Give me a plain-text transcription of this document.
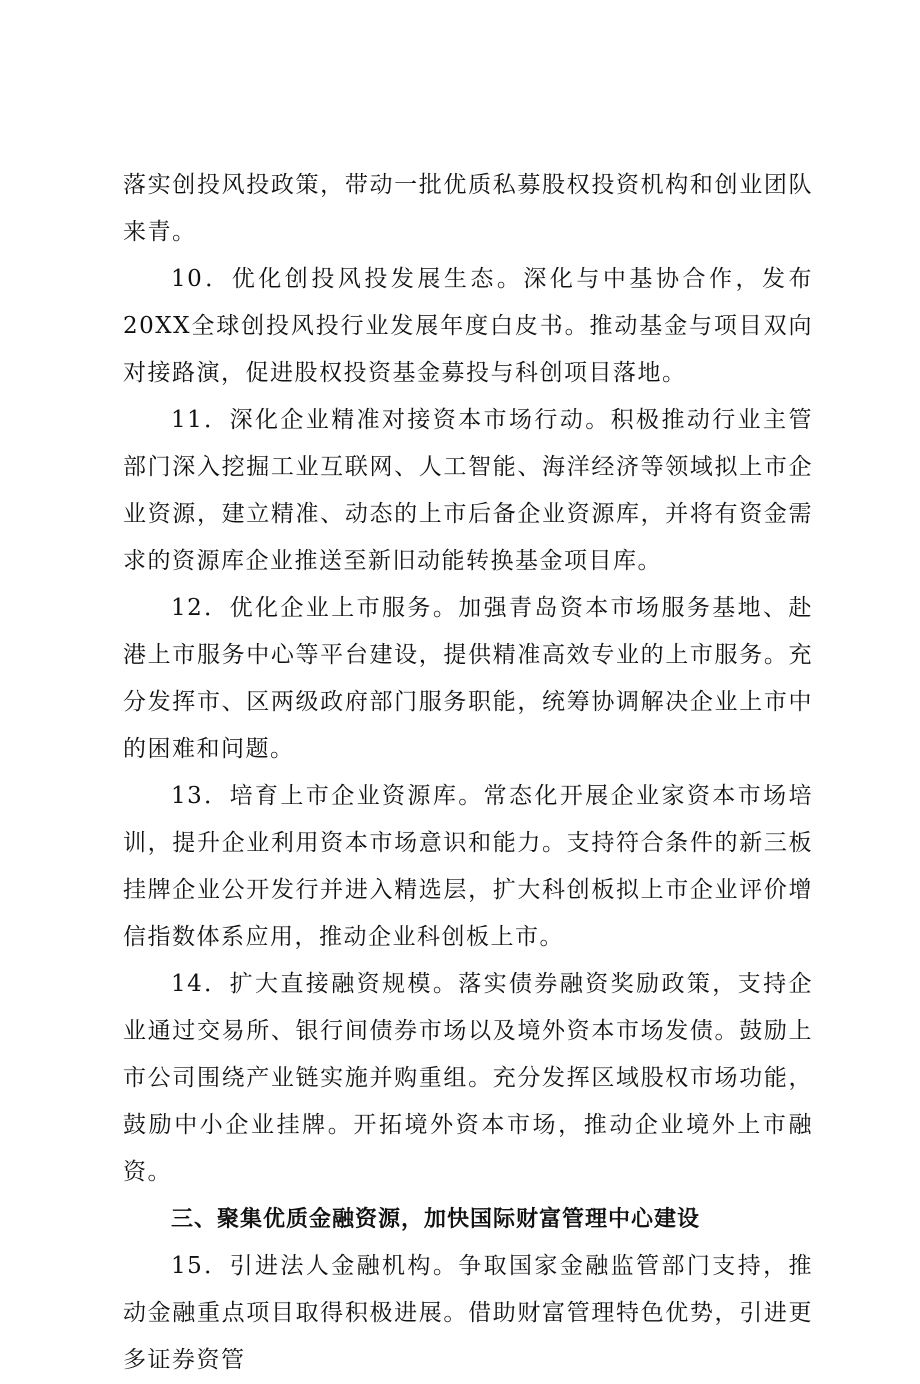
落实创投风投政策，带动一批优质私募股权投资机构和创业团队来青。

10．优化创投风投发展生态。深化与中基协合作，发布20XX全球创投风投行业发展年度白皮书。推动基金与项目双向对接路演，促进股权投资基金募投与科创项目落地。

11．深化企业精准对接资本市场行动。积极推动行业主管部门深入挖掘工业互联网、人工智能、海洋经济等领域拟上市企业资源，建立精准、动态的上市后备企业资源库，并将有资金需求的资源库企业推送至新旧动能转换基金项目库。

12．优化企业上市服务。加强青岛资本市场服务基地、赴港上市服务中心等平台建设，提供精准高效专业的上市服务。充分发挥市、区两级政府部门服务职能，统筹协调解决企业上市中的困难和问题。

13．培育上市企业资源库。常态化开展企业家资本市场培训，提升企业利用资本市场意识和能力。支持符合条件的新三板挂牌企业公开发行并进入精选层，扩大科创板拟上市企业评价增信指数体系应用，推动企业科创板上市。

14．扩大直接融资规模。落实债券融资奖励政策，支持企业通过交易所、银行间债券市场以及境外资本市场发债。鼓励上市公司围绕产业链实施并购重组。充分发挥区域股权市场功能，鼓励中小企业挂牌。开拓境外资本市场，推动企业境外上市融资。

三、聚集优质金融资源，加快国际财富管理中心建设

15．引进法人金融机构。争取国家金融监管部门支持，推动金融重点项目取得积极进展。借助财富管理特色优势，引进更多证券资管
